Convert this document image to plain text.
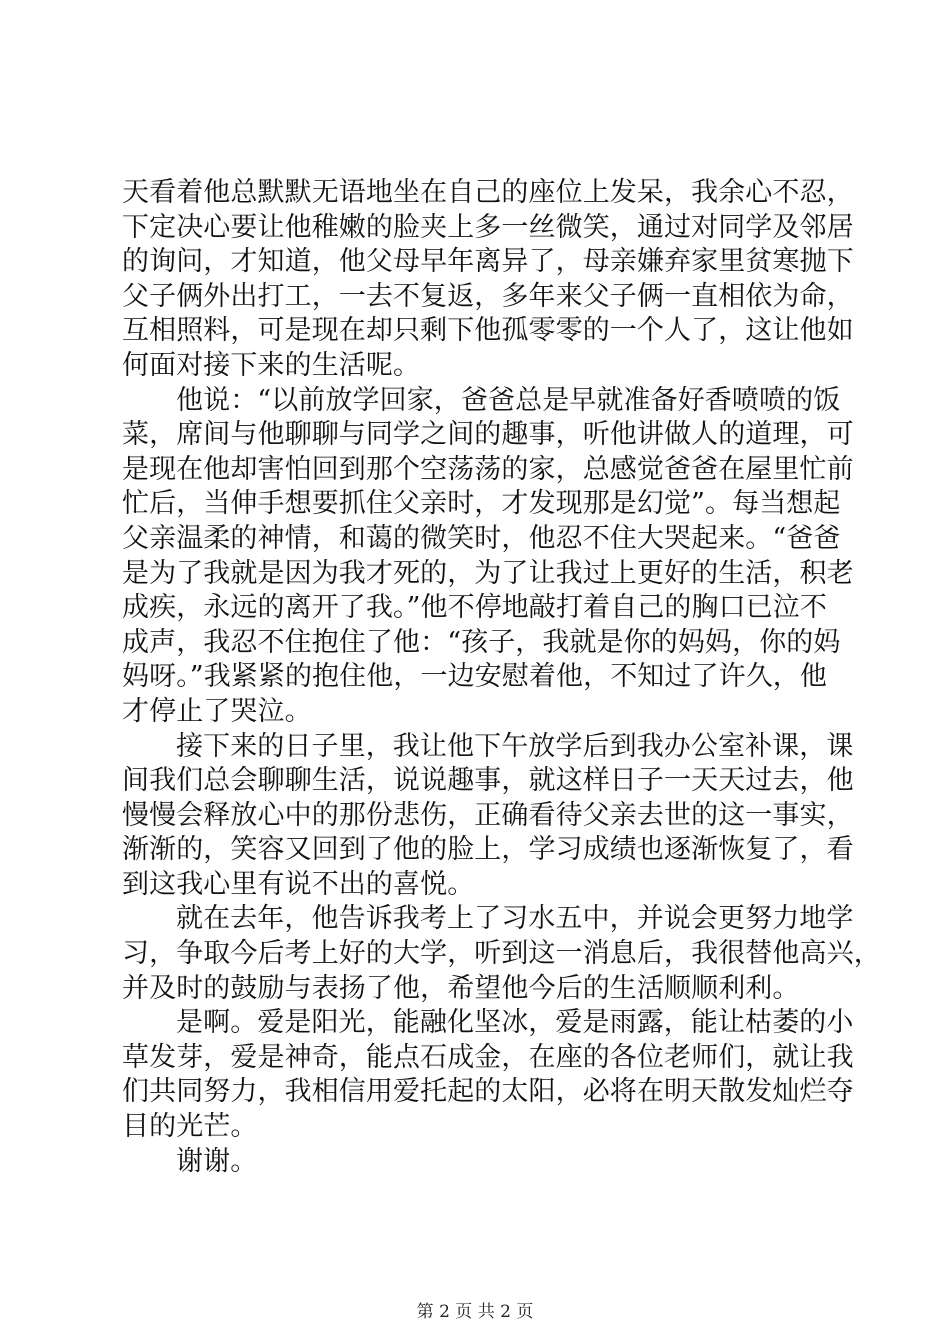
天看着他总默默无语地坐在自己的座位上发呆，我余心不忍，
下定决心要让他稚嫩的脸夹上多一丝微笑，通过对同学及邻居
的询问，才知道，他父母早年离异了，母亲嫌弃家里贫寒抛下
父子俩外出打工，一去不复返，多年来父子俩一直相依为命，
互相照料，可是现在却只剩下他孤零零的一个人了，这让他如
何面对接下来的生活呢。
他说：“以前放学回家，爸爸总是早就准备好香喷喷的饭
菜，席间与他聊聊与同学之间的趣事，听他讲做人的道理，可
是现在他却害怕回到那个空荡荡的家，总感觉爸爸在屋里忙前
忙后，当伸手想要抓住父亲时，才发现那是幻觉”。每当想起
父亲温柔的神情，和蔼的微笑时，他忍不住大哭起来。“爸爸
是为了我就是因为我才死的，为了让我过上更好的生活，积老
成疾，永远的离开了我。”他不停地敲打着自己的胸口已泣不
成声，我忍不住抱住了他：“孩子，我就是你的妈妈，你的妈
妈呀。”我紧紧的抱住他，一边安慰着他，不知过了许久，他
才停止了哭泣。
接下来的日子里，我让他下午放学后到我办公室补课，课
间我们总会聊聊生活，说说趣事，就这样日子一天天过去，他
慢慢会释放心中的那份悲伤，正确看待父亲去世的这一事实，
渐渐的，笑容又回到了他的脸上，学习成绩也逐渐恢复了，看
到这我心里有说不出的喜悦。
就在去年，他告诉我考上了习水五中，并说会更努力地学
习，争取今后考上好的大学，听到这一消息后，我很替他高兴，
并及时的鼓励与表扬了他，希望他今后的生活顺顺利利。
是啊。爱是阳光，能融化坚冰，爱是雨露，能让枯萎的小
草发芽，爱是神奇，能点石成金，在座的各位老师们，就让我
们共同努力，我相信用爱托起的太阳，必将在明天散发灿烂夺
目的光芒。
谢谢。
第 2 页 共 2 页
